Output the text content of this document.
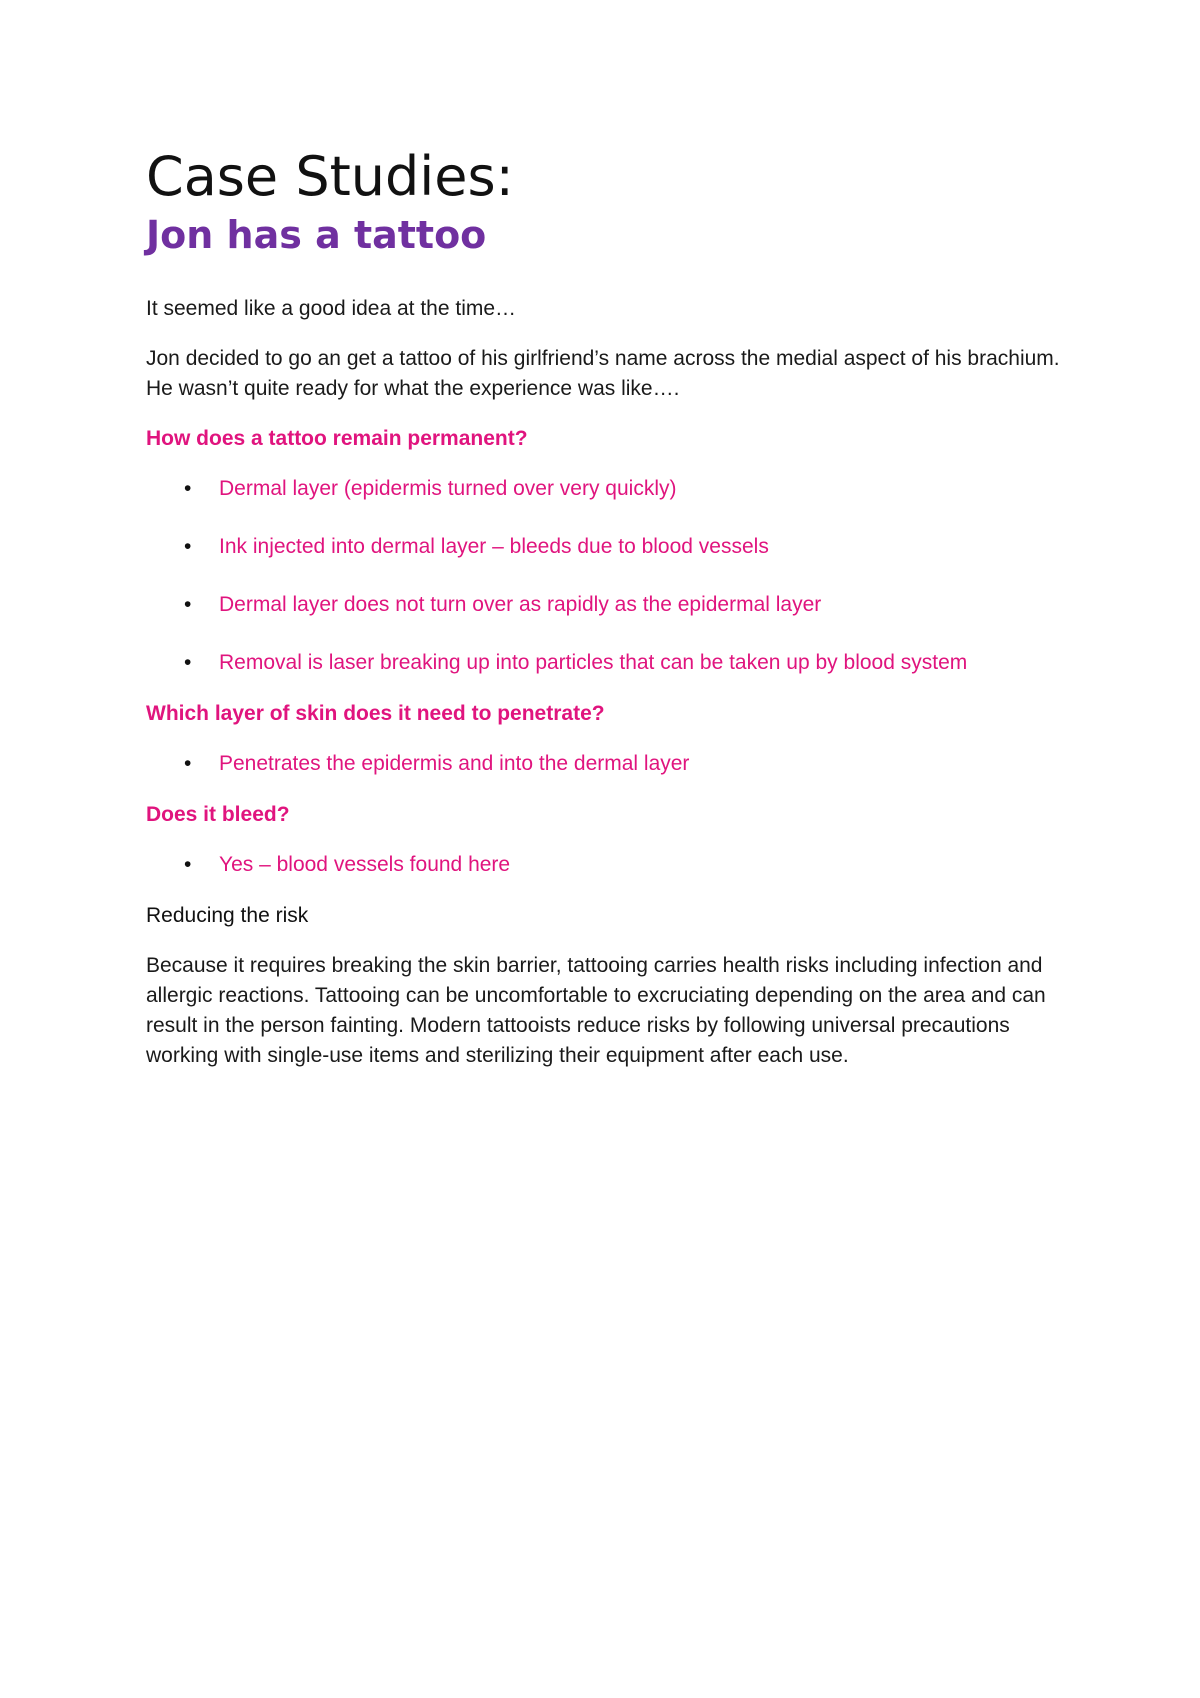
Case Studies:
Jon has a tattoo

It seemed like a good idea at the time…

Jon decided to go an get a tattoo of his girlfriend’s name across the medial aspect of his brachium. He wasn’t quite ready for what the experience was like….

How does a tattoo remain permanent?

• Dermal layer (epidermis turned over very quickly)
• Ink injected into dermal layer – bleeds due to blood vessels
• Dermal layer does not turn over as rapidly as the epidermal layer
• Removal is laser breaking up into particles that can be taken up by blood system

Which layer of skin does it need to penetrate?

• Penetrates the epidermis and into the dermal layer

Does it bleed?

• Yes – blood vessels found here

Reducing the risk

Because it requires breaking the skin barrier, tattooing carries health risks including infection and allergic reactions. Tattooing can be uncomfortable to excruciating depending on the area and can result in the person fainting. Modern tattooists reduce risks by following universal precautions working with single-use items and sterilizing their equipment after each use.
